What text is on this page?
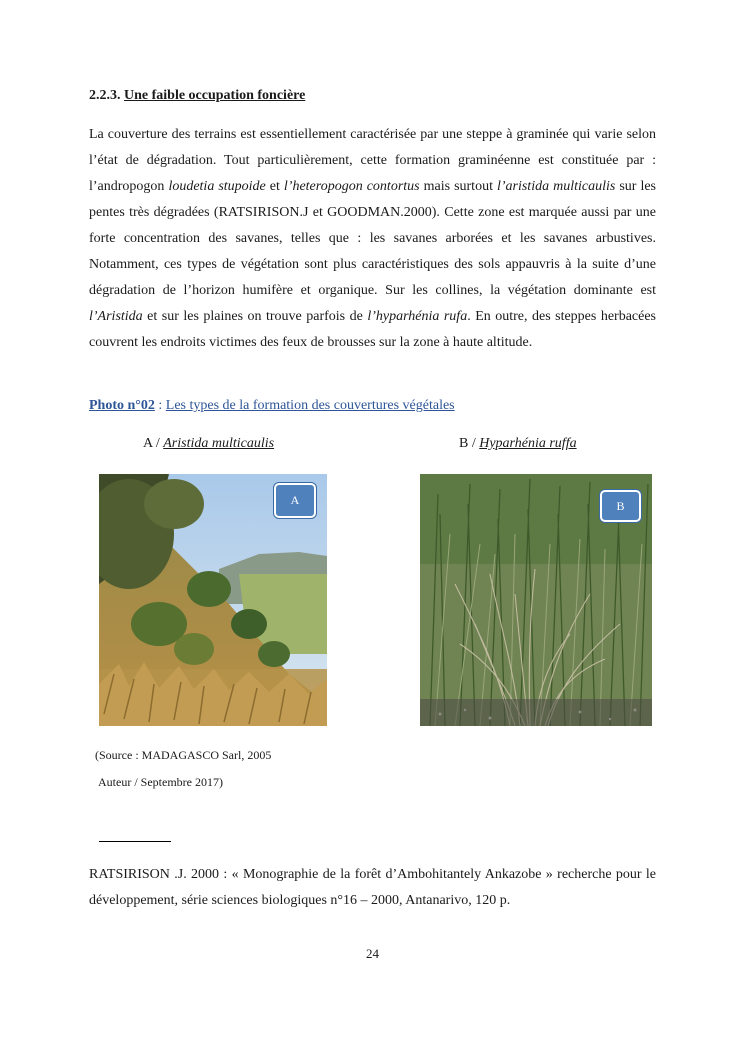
2.2.3. Une faible occupation foncière

La couverture des terrains est essentiellement caractérisée par une steppe à graminée qui varie selon l’état de dégradation. Tout particulièrement, cette formation graminéenne est constituée par : l’andropogon loudetia stupoide et l’heteropogon contortus mais surtout l’aristida multicaulis sur les pentes très dégradées (RATSIRISON.J et GOODMAN.2000). Cette zone est marquée aussi par une forte concentration des savanes, telles que : les savanes arborées et les savanes arbustives. Notamment, ces types de végétation sont plus caractéristiques des sols appauvris à la suite d’une dégradation de l’horizon humifère et organique. Sur les collines, la végétation dominante est l’Aristida et sur les plaines on trouve parfois de l’hyparhénia rufa. En outre, des steppes herbacées couvrent les endroits victimes des feux de brousses sur la zone à haute altitude.

Photo n°02 : Les types de la formation des couvertures végétales
A / Aristida multicaulis	B / Hyparhénia ruffa
A	B
(Source : MADAGASCO Sarl, 2005
Auteur / Septembre 2017)

RATSIRISON .J. 2000 : « Monographie de la forêt d’Ambohitantely Ankazobe » recherche pour le développement, série sciences biologiques n°16 – 2000, Antanarivo, 120 p.

24
